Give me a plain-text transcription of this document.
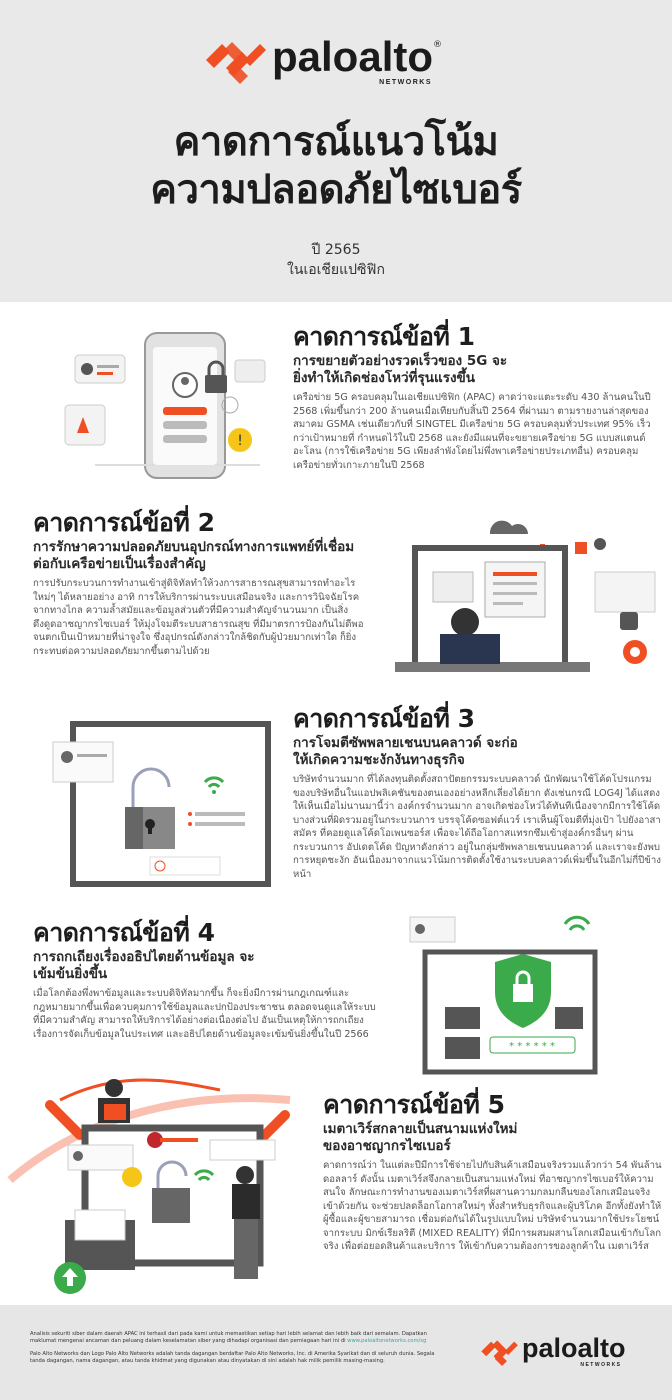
paloalto ®
NETWORKS
คาดการณ์แนวโน้ม
ความปลอดภัยไซเบอร์
ปี 2565
ในเอเชียแปซิฟิก
!
คาดการณ์ข้อที่ 1
การขยายตัวอย่างรวดเร็วของ 5G จะยิ่งทำให้เกิดช่องโหว่ที่รุนแรงขึ้น

เครือข่าย 5G ครอบคลุมในเอเชียแปซิฟิก (APAC) คาดว่าจะแตะระดับ 430 ล้านคนในปี 2568 เพิ่มขึ้นกว่า 200 ล้านคนเมื่อเทียบกับสิ้นปี 2564 ที่ผ่านมา ตามรายงานล่าสุดของสมาคม GSMA เช่นเดียวกับที่ SINGTEL มีเครือข่าย 5G ครอบคลุมทั่วประเทศ 95% เร็วกว่าเป้าหมายที่ กำหนดไว้ในปี 2568 และยังมีแผนที่จะขยายเครือข่าย 5G แบบสแตนด์อะโลน (การใช้เครือข่าย 5G เพียงลำพังโดยไม่พึ่งพาเครือข่ายประเภทอื่น) ครอบคลุมเครือข่ายทั่วเกาะภายในปี 2568

คาดการณ์ข้อที่ 2
การรักษาความปลอดภัยบนอุปกรณ์ทางการแพทย์ที่เชื่อมต่อกับเครือข่ายเป็นเรื่องสำคัญ

การปรับกระบวนการทำงานเข้าสู่ดิจิทัลทำให้วงการสาธารณสุขสามารถทำอะไรใหม่ๆ ได้หลายอย่าง อาทิ การให้บริการผ่านระบบเสมือนจริง และการวินิจฉัยโรคจากทางไกล ความล้ำสมัยและข้อมูลส่วนตัวที่มีความสำคัญจำนวนมาก เป็นสิ่งดึงดูดอาชญากรไซเบอร์ ให้มุ่งโจมตีระบบสาธารณสุข ที่มีมาตรการป้องกันไม่ดีพอ จนตกเป็นเป้าหมายที่น่าจูงใจ ซึ่งอุปกรณ์ดังกล่าวใกล้ชิดกับผู้ป่วยมากเท่าใด ก็ยิ่งกระทบต่อความปลอดภัยมากขึ้นตามไปด้วย

คาดการณ์ข้อที่ 3
การโจมตีซัพพลายเชนบนคลาวด์ จะก่อให้เกิดความชะงักงันทางธุรกิจ

บริษัทจำนวนมาก ที่ได้ลงทุนติดตั้งสถาปัตยกรรมระบบคลาวด์ นักพัฒนาใช้โค้ดโปรแกรมของบริษัทอื่นในแอปพลิเคชันของตนเองอย่างหลีกเลี่ยงได้ยาก ดังเช่นกรณี LOG4J ได้แสดงให้เห็นเมื่อไม่นานมานี้ว่า องค์กรจำนวนมาก อาจเกิดช่องโหว่ได้ทันทีเนื่องจากมีการใช้โค้ดบางส่วนที่ผิดรวมอยู่ในกระบวนการ บรรจุโค้ดซอฟต์แวร์ เราเห็นผู้โจมตีที่มุ่งเป้า ไปยังอาสาสมัคร ที่คอยดูแลโค้ดโอเพนซอร์ส เพื่อจะได้ถือโอกาสแทรกซึมเข้าสู่องค์กรอื่นๆ ผ่านกระบวนการ อัปเดตโค้ด ปัญหาดังกล่าว อยู่ในกลุ่มซัพพลายเชนบนคลาวด์ และเราจะยังพบการหยุดชะงัก อันเนื่องมาจากแนวโน้มการติดตั้งใช้งานระบบคลาวด์เพิ่มขึ้นในอีกไม่กี่ปีข้างหน้า

คาดการณ์ข้อที่ 4
การถกเถียงเรื่องอธิปไตยด้านข้อมูล จะเข้มข้นยิ่งขึ้น

เมื่อโลกต้องพึ่งพาข้อมูลและระบบดิจิทัลมากขึ้น ก็จะยิ่งมีการผ่านกฎเกณฑ์และกฎหมายมากขึ้นเพื่อควบคุมการใช้ข้อมูลและปกป้องประชาชน ตลอดจนดูแลให้ระบบที่มีความสำคัญ สามารถให้บริการได้อย่างต่อเนื่องต่อไป อันเป็นเหตุให้การถกเถียง เรื่องการจัดเก็บข้อมูลในประเทศ และอธิปไตยด้านข้อมูลจะเข้มข้นยิ่งขึ้นในปี 2566

* * * * * *
คาดการณ์ข้อที่ 5
เมตาเวิร์สกลายเป็นสนามแห่งใหม่ ของอาชญากรไซเบอร์

คาดการณ์ว่า ในแต่ละปีมีการใช้จ่ายไปกับสินค้าเสมือนจริงรวมแล้วกว่า 54 พันล้านดอลลาร์ ดังนั้น เมตาเวิร์สจึงกลายเป็นสนามแห่งใหม่ ที่อาชญากรไซเบอร์ให้ความสนใจ ลักษณะการทำงานของเมตาเวิร์สที่ผสานความกลมกลืนของโลกเสมือนจริงเข้าด้วยกัน จะช่วยปลดล็อกโอกาสใหม่ๆ ทั้งสำหรับธุรกิจและผู้บริโภค อีกทั้งยังทำให้ผู้ซื้อและผู้ขายสามารถ เชื่อมต่อกันได้ในรูปแบบใหม่ บริษัทจำนวนมากใช้ประโยชน์จากระบบ มิกซ์เรียลริตี (MIXED REALITY) ที่มีการผสมผสานโลกเสมือนเข้ากับโลกจริง เพื่อต่อยอดสินค้าและบริการ ให้เข้ากับความต้องการของลูกค้าใน เมตาเวิร์ส

Analisis sekuriti siber dalam daerah APAC ini terhasil dari pada kami untuk memastikan setiap hari lebih selamat dan lebih baik dari semalam. Dapatkan maklumat mengenai ancaman dan peluang dalam keselamatan siber yang dihadapi organisasi dan perniagaan hari ini di www.paloaltonetworks.com/sg

Palo Alto Networks dan Logo Palo Alto Networks adalah tanda dagangan berdaftar Palo Alto Networks, Inc. di Amerika Syarikat dan di seluruh dunia. Segala tanda dagangan, nama dagangan, atau tanda khidmat yang digunakan atau dinyatakan di sini adalah hak milik pemilik masing-masing.	paloalto
NETWORKS
